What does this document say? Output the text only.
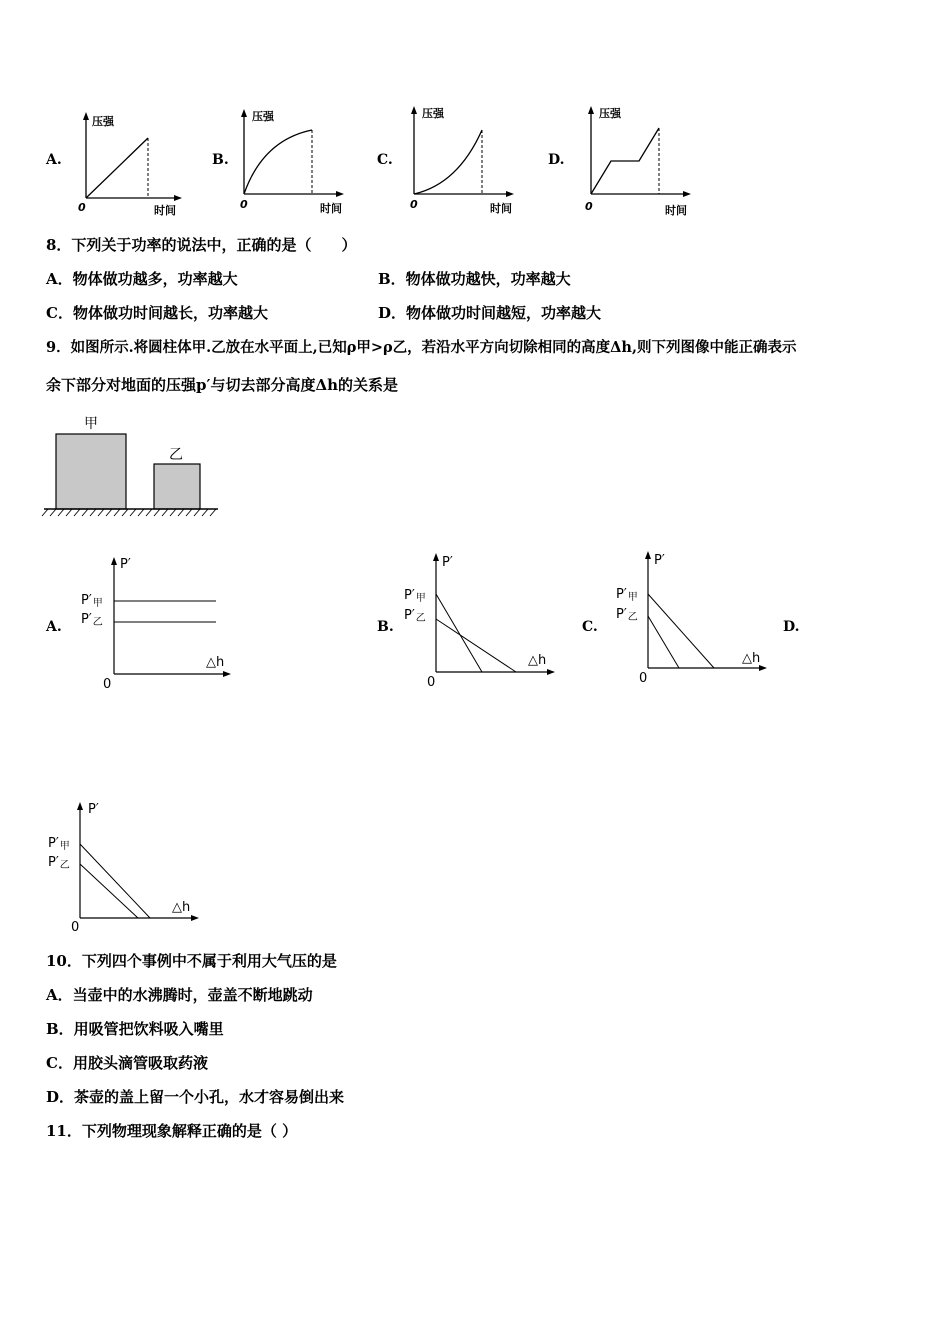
A.	B.	C.	D.
压强
时间
0
压强
时间
0
压强
时间
0
压强
时间
0
8．下列关于功率的说法中，正确的是（　　）
A．物体做功越多，功率越大	B．物体做功越快，功率越大
C．物体做功时间越长，功率越大	D．物体做功时间越短，功率越大
9．如图所示.将圆柱体甲.乙放在水平面上,已知ρ甲>ρ乙，若沿水平方向切除相同的高度Δh,则下列图像中能正确表示
余下部分对地面的压强p′与切去部分高度Δh的关系是
甲
乙
A.	B.	C.	D.
P′
P′甲
P′乙
△h
0
P′
P′甲
P′乙
△h
0
P′
P′甲
P′乙
△h
0
P′
P′甲
P′乙
△h
0
10．下列四个事例中不属于利用大气压的是
A．当壶中的水沸腾时，壶盖不断地跳动
B．用吸管把饮料吸入嘴里
C．用胶头滴管吸取药液
D．茶壶的盖上留一个小孔，水才容易倒出来
11．下列物理现象解释正确的是（ ）
